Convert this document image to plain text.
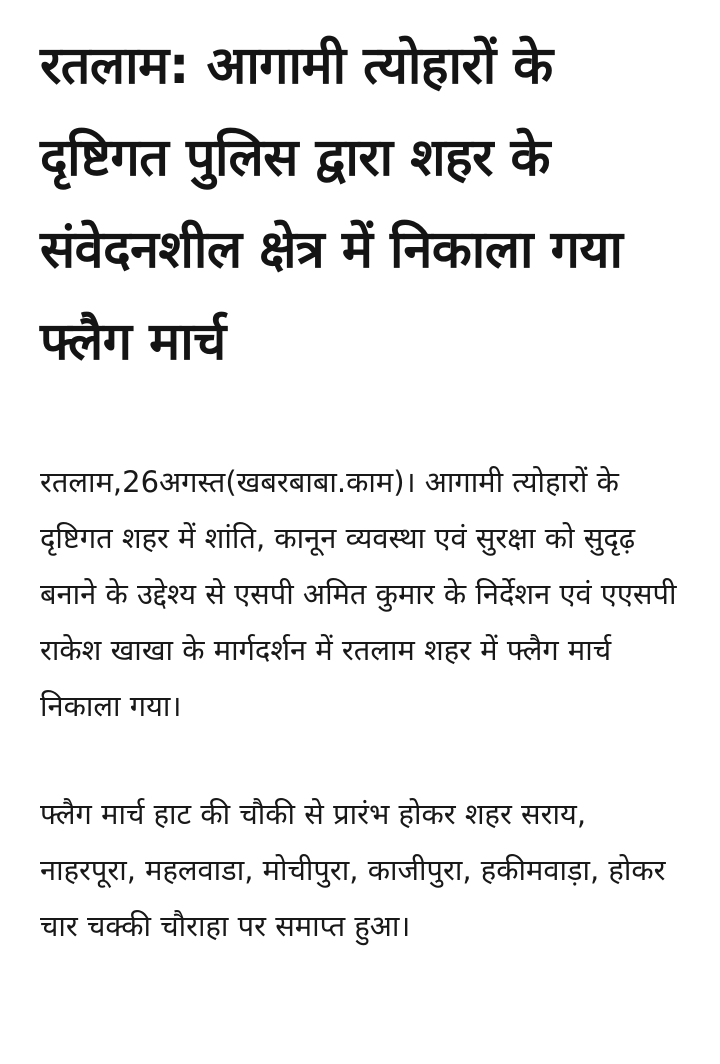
रतलाम: आगामी त्योहारों के दृष्टिगत पुलिस द्वारा शहर के संवेदनशील क्षेत्र में निकाला गया फ्लैग मार्च

रतलाम,26अगस्त(खबरबाबा.काम)। आगामी त्योहारों के दृष्टिगत शहर में शांति, कानून व्यवस्था एवं सुरक्षा को सुदृढ़ बनाने के उद्देश्य से एसपी अमित कुमार के निर्देशन एवं एएसपी राकेश खाखा के मार्गदर्शन में रतलाम शहर में फ्लैग मार्च निकाला गया।

फ्लैग मार्च हाट की चौकी से प्रारंभ होकर शहर सराय, नाहरपूरा, महलवाडा, मोचीपुरा, काजीपुरा, हकीमवाड़ा, होकर चार चक्की चौराहा पर समाप्त हुआ।
